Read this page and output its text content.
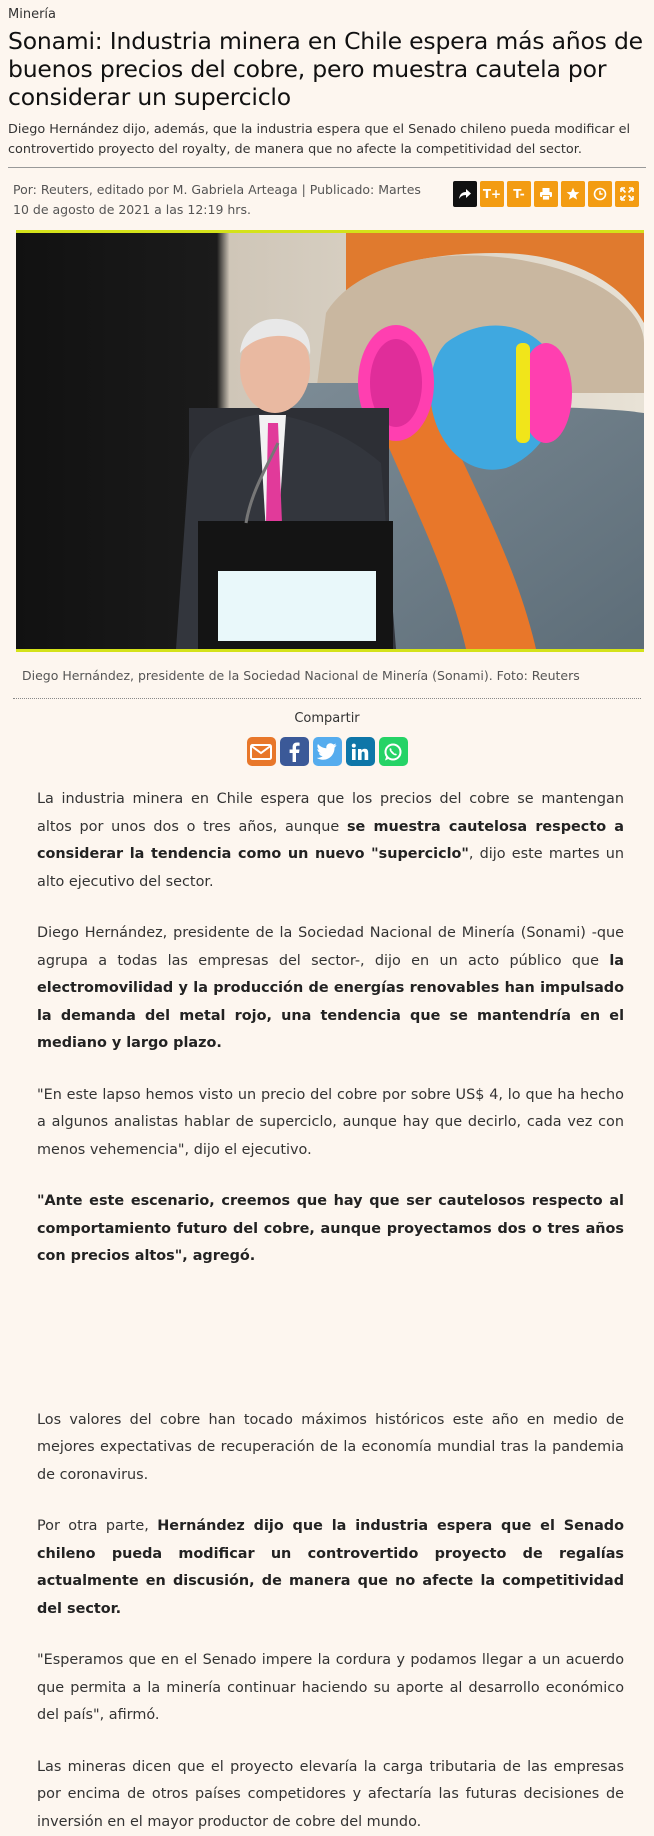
Minería
Sonami: Industria minera en Chile espera más años de buenos precios del cobre, pero muestra cautela por considerar un superciclo

Diego Hernández dijo, además, que la industria espera que el Senado chileno pueda modificar el controvertido proyecto del royalty, de manera que no afecte la competitividad del sector.

Por: Reuters, editado por M. Gabriela Arteaga | Publicado: Martes 10 de agosto de 2021 a las 12:19 hrs.
T+	T-
Diego Hernández, presidente de la Sociedad Nacional de Minería (Sonami). Foto: Reuters
Compartir

La industria minera en Chile espera que los precios del cobre se mantengan altos por unos dos o tres años, aunque se muestra cautelosa respecto a considerar la tendencia como un nuevo "superciclo", dijo este martes un alto ejecutivo del sector.

Diego Hernández, presidente de la Sociedad Nacional de Minería (Sonami) -que agrupa a todas las empresas del sector-, dijo en un acto público que la electromovilidad y la producción de energías renovables han impulsado la demanda del metal rojo, una tendencia que se mantendría en el mediano y largo plazo.

"En este lapso hemos visto un precio del cobre por sobre US$ 4, lo que ha hecho a algunos analistas hablar de superciclo, aunque hay que decirlo, cada vez con menos vehemencia", dijo el ejecutivo.

"Ante este escenario, creemos que hay que ser cautelosos respecto al comportamiento futuro del cobre, aunque proyectamos dos o tres años con precios altos", agregó.

Los valores del cobre han tocado máximos históricos este año en medio de mejores expectativas de recuperación de la economía mundial tras la pandemia de coronavirus.

Por otra parte, Hernández dijo que la industria espera que el Senado chileno pueda modificar un controvertido proyecto de regalías actualmente en discusión, de manera que no afecte la competitividad del sector.

"Esperamos que en el Senado impere la cordura y podamos llegar a un acuerdo que permita a la minería continuar haciendo su aporte al desarrollo económico del país", afirmó.

Las mineras dicen que el proyecto elevaría la carga tributaria de las empresas por encima de otros países competidores y afectaría las futuras decisiones de inversión en el mayor productor de cobre del mundo.
